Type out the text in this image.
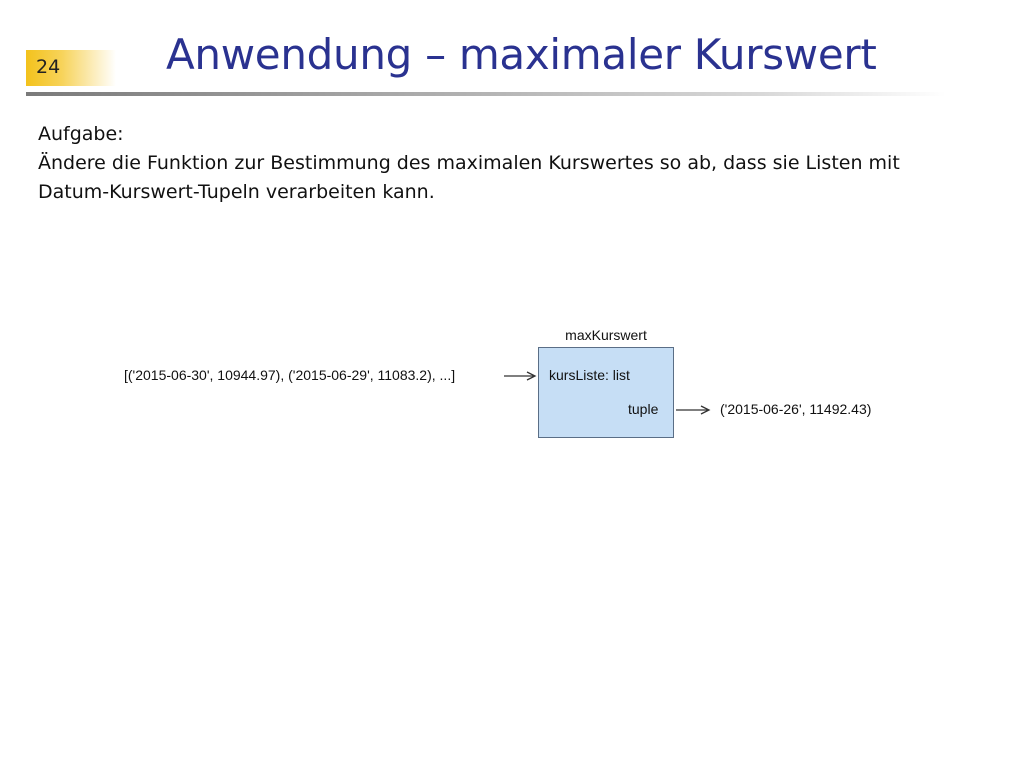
24	Anwendung – maximaler Kurswert
Aufgabe:
Ändere die Funktion zur Bestimmung des maximalen Kurswertes so ab, dass sie Listen mit
Datum-Kurswert-Tupeln verarbeiten kann.
maxKurswert
kursListe: list
tuple
[('2015-06-30', 10944.97), ('2015-06-29', 11083.2), ...]
('2015-06-26', 11492.43)
